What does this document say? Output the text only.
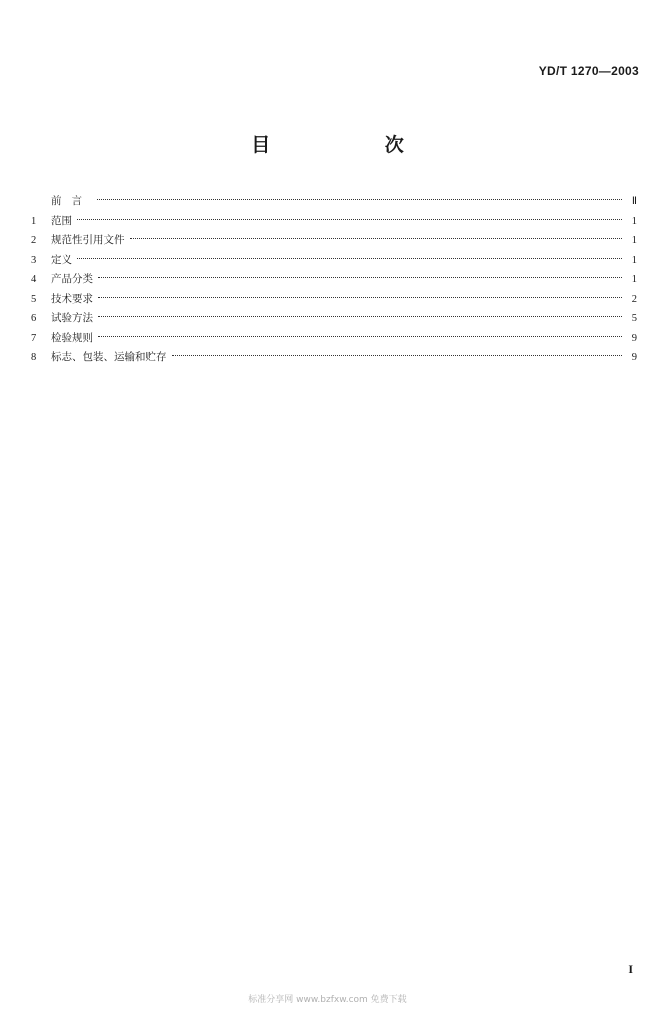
YD/T 1270—2003
目 次
前言	Ⅱ
1	范围	1
2	规范性引用文件	1
3	定义	1
4	产品分类	1
5	技术要求	2
6	试验方法	5
7	检验规则	9
8	标志、包装、运输和贮存	9
I
标准分享网 www.bzfxw.com 免费下载
